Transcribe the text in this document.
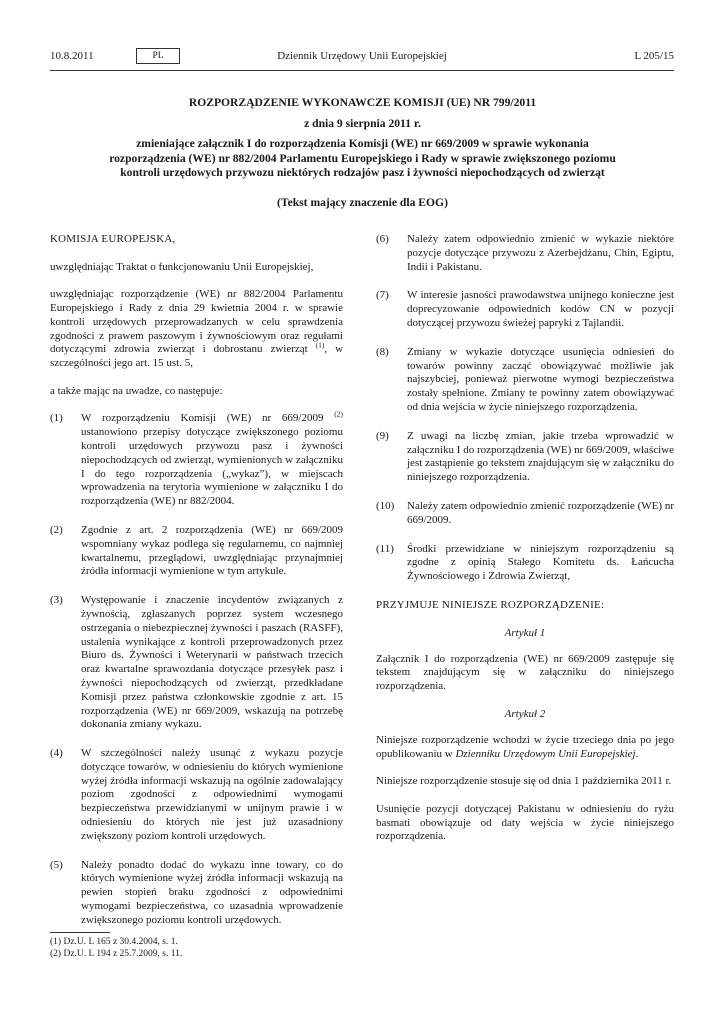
10.8.2011	PL	Dziennik Urzędowy Unii Europejskiej	L 205/15
ROZPORZĄDZENIE WYKONAWCZE KOMISJI (UE) NR 799/2011
z dnia 9 sierpnia 2011 r.
zmieniające załącznik I do rozporządzenia Komisji (WE) nr 669/2009 w sprawie wykonania rozporządzenia (WE) nr 882/2004 Parlamentu Europejskiego i Rady w sprawie zwiększonego poziomu kontroli urzędowych przywozu niektórych rodzajów pasz i żywności niepochodzących od zwierząt
(Tekst mający znaczenie dla EOG)

KOMISJA EUROPEJSKA,

uwzględniając Traktat o funkcjonowaniu Unii Europejskiej,

uwzględniając rozporządzenie (WE) nr 882/2004 Parlamentu Europejskiego i Rady z dnia 29 kwietnia 2004 r. w sprawie kontroli urzędowych przeprowadzanych w celu sprawdzenia zgodności z prawem paszowym i żywnościowym oraz regułami dotyczącymi zdrowia zwierząt i dobrostanu zwierząt $^{(1)}$, w szczególności jego art. 15 ust. 5,

a także mając na uwadze, co następuje:

(1)	W rozporządzeniu Komisji (WE) nr 669/2009 $^{(2)}$ ustanowiono przepisy dotyczące zwiększonego poziomu kontroli urzędowych przywozu pasz i żywności niepochodzących od zwierząt, wymienionych w załączniku I do tego rozporządzenia („wykaz”), w miejscach wprowadzenia na terytoria wymienione w załączniku I do rozporządzenia (WE) nr 882/2004.
(2)	Zgodnie z art. 2 rozporządzenia (WE) nr 669/2009 wspomniany wykaz podlega się regularnemu, co najmniej kwartalnemu, przeglądowi, uwzględniając przynajmniej źródła informacji wymienione w tym artykule.
(3)	Występowanie i znaczenie incydentów związanych z żywnością, zgłaszanych poprzez system wczesnego ostrzegania o niebezpiecznej żywności i paszach (RASFF), ustalenia wynikające z kontroli przeprowadzonych przez Biuro ds. Żywności i Weterynarii w państwach trzecich oraz kwartalne sprawozdania dotyczące przesyłek pasz i żywności niepochodzących od zwierząt, przedkładane Komisji przez państwa członkowskie zgodnie z art. 15 rozporządzenia (WE) nr 669/2009, wskazują na potrzebę dokonania zmiany wykazu.
(4)	W szczególności należy usunąć z wykazu pozycje dotyczące towarów, w odniesieniu do których wymienione wyżej źródła informacji wskazują na ogólnie zadowalający poziom zgodności z odpowiednimi wymogami bezpieczeństwa przewidzianymi w unijnym prawie i w odniesieniu do których nie jest już uzasadniony zwiększony poziom kontroli urzędowych.
(5)	Należy ponadto dodać do wykazu inne towary, co do których wymienione wyżej źródła informacji wskazują na pewien stopień braku zgodności z odpowiednimi wymogami bezpieczeństwa, co uzasadnia wprowadzenie zwiększonego poziomu kontroli urzędowych.
(6)	Należy zatem odpowiednio zmienić w wykazie niektóre pozycje dotyczące przywozu z Azerbejdżanu, Chin, Egiptu, Indii i Pakistanu.
(7)	W interesie jasności prawodawstwa unijnego konieczne jest doprecyzowanie odpowiednich kodów CN w pozycji dotyczącej przywozu świeżej papryki z Tajlandii.
(8)	Zmiany w wykazie dotyczące usunięcia odniesień do towarów powinny zacząć obowiązywać możliwie jak najszybciej, ponieważ pierwotne wymogi bezpieczeństwa zostały spełnione. Zmiany te powinny zatem obowiązywać od dnia wejścia w życie niniejszego rozporządzenia.
(9)	Z uwagi na liczbę zmian, jakie trzeba wprowadzić w załączniku I do rozporządzenia (WE) nr 669/2009, właściwe jest zastąpienie go tekstem znajdującym się w załączniku do niniejszego rozporządzenia.
(10)	Należy zatem odpowiednio zmienić rozporządzenie (WE) nr 669/2009.
(11)	Środki przewidziane w niniejszym rozporządzeniu są zgodne z opinią Stałego Komitetu ds. Łańcucha Żywnościowego i Zdrowia Zwierząt,

PRZYJMUJE NINIEJSZE ROZPORZĄDZENIE:

Artykuł 1

Załącznik I do rozporządzenia (WE) nr 669/2009 zastępuje się tekstem znajdującym się w załączniku do niniejszego rozporządzenia.

Artykuł 2

Niniejsze rozporządzenie wchodzi w życie trzeciego dnia po jego opublikowaniu w Dzienniku Urzędowym Unii Europejskiej.

Niniejsze rozporządzenie stosuje się od dnia 1 października 2011 r.

Usunięcie pozycji dotyczącej Pakistanu w odniesieniu do ryżu basmati obowiązuje od daty wejścia w życie niniejszego rozporządzenia.

(1) Dz.U. L 165 z 30.4.2004, s. 1.
(2) Dz.U. L 194 z 25.7.2009, s. 11.
